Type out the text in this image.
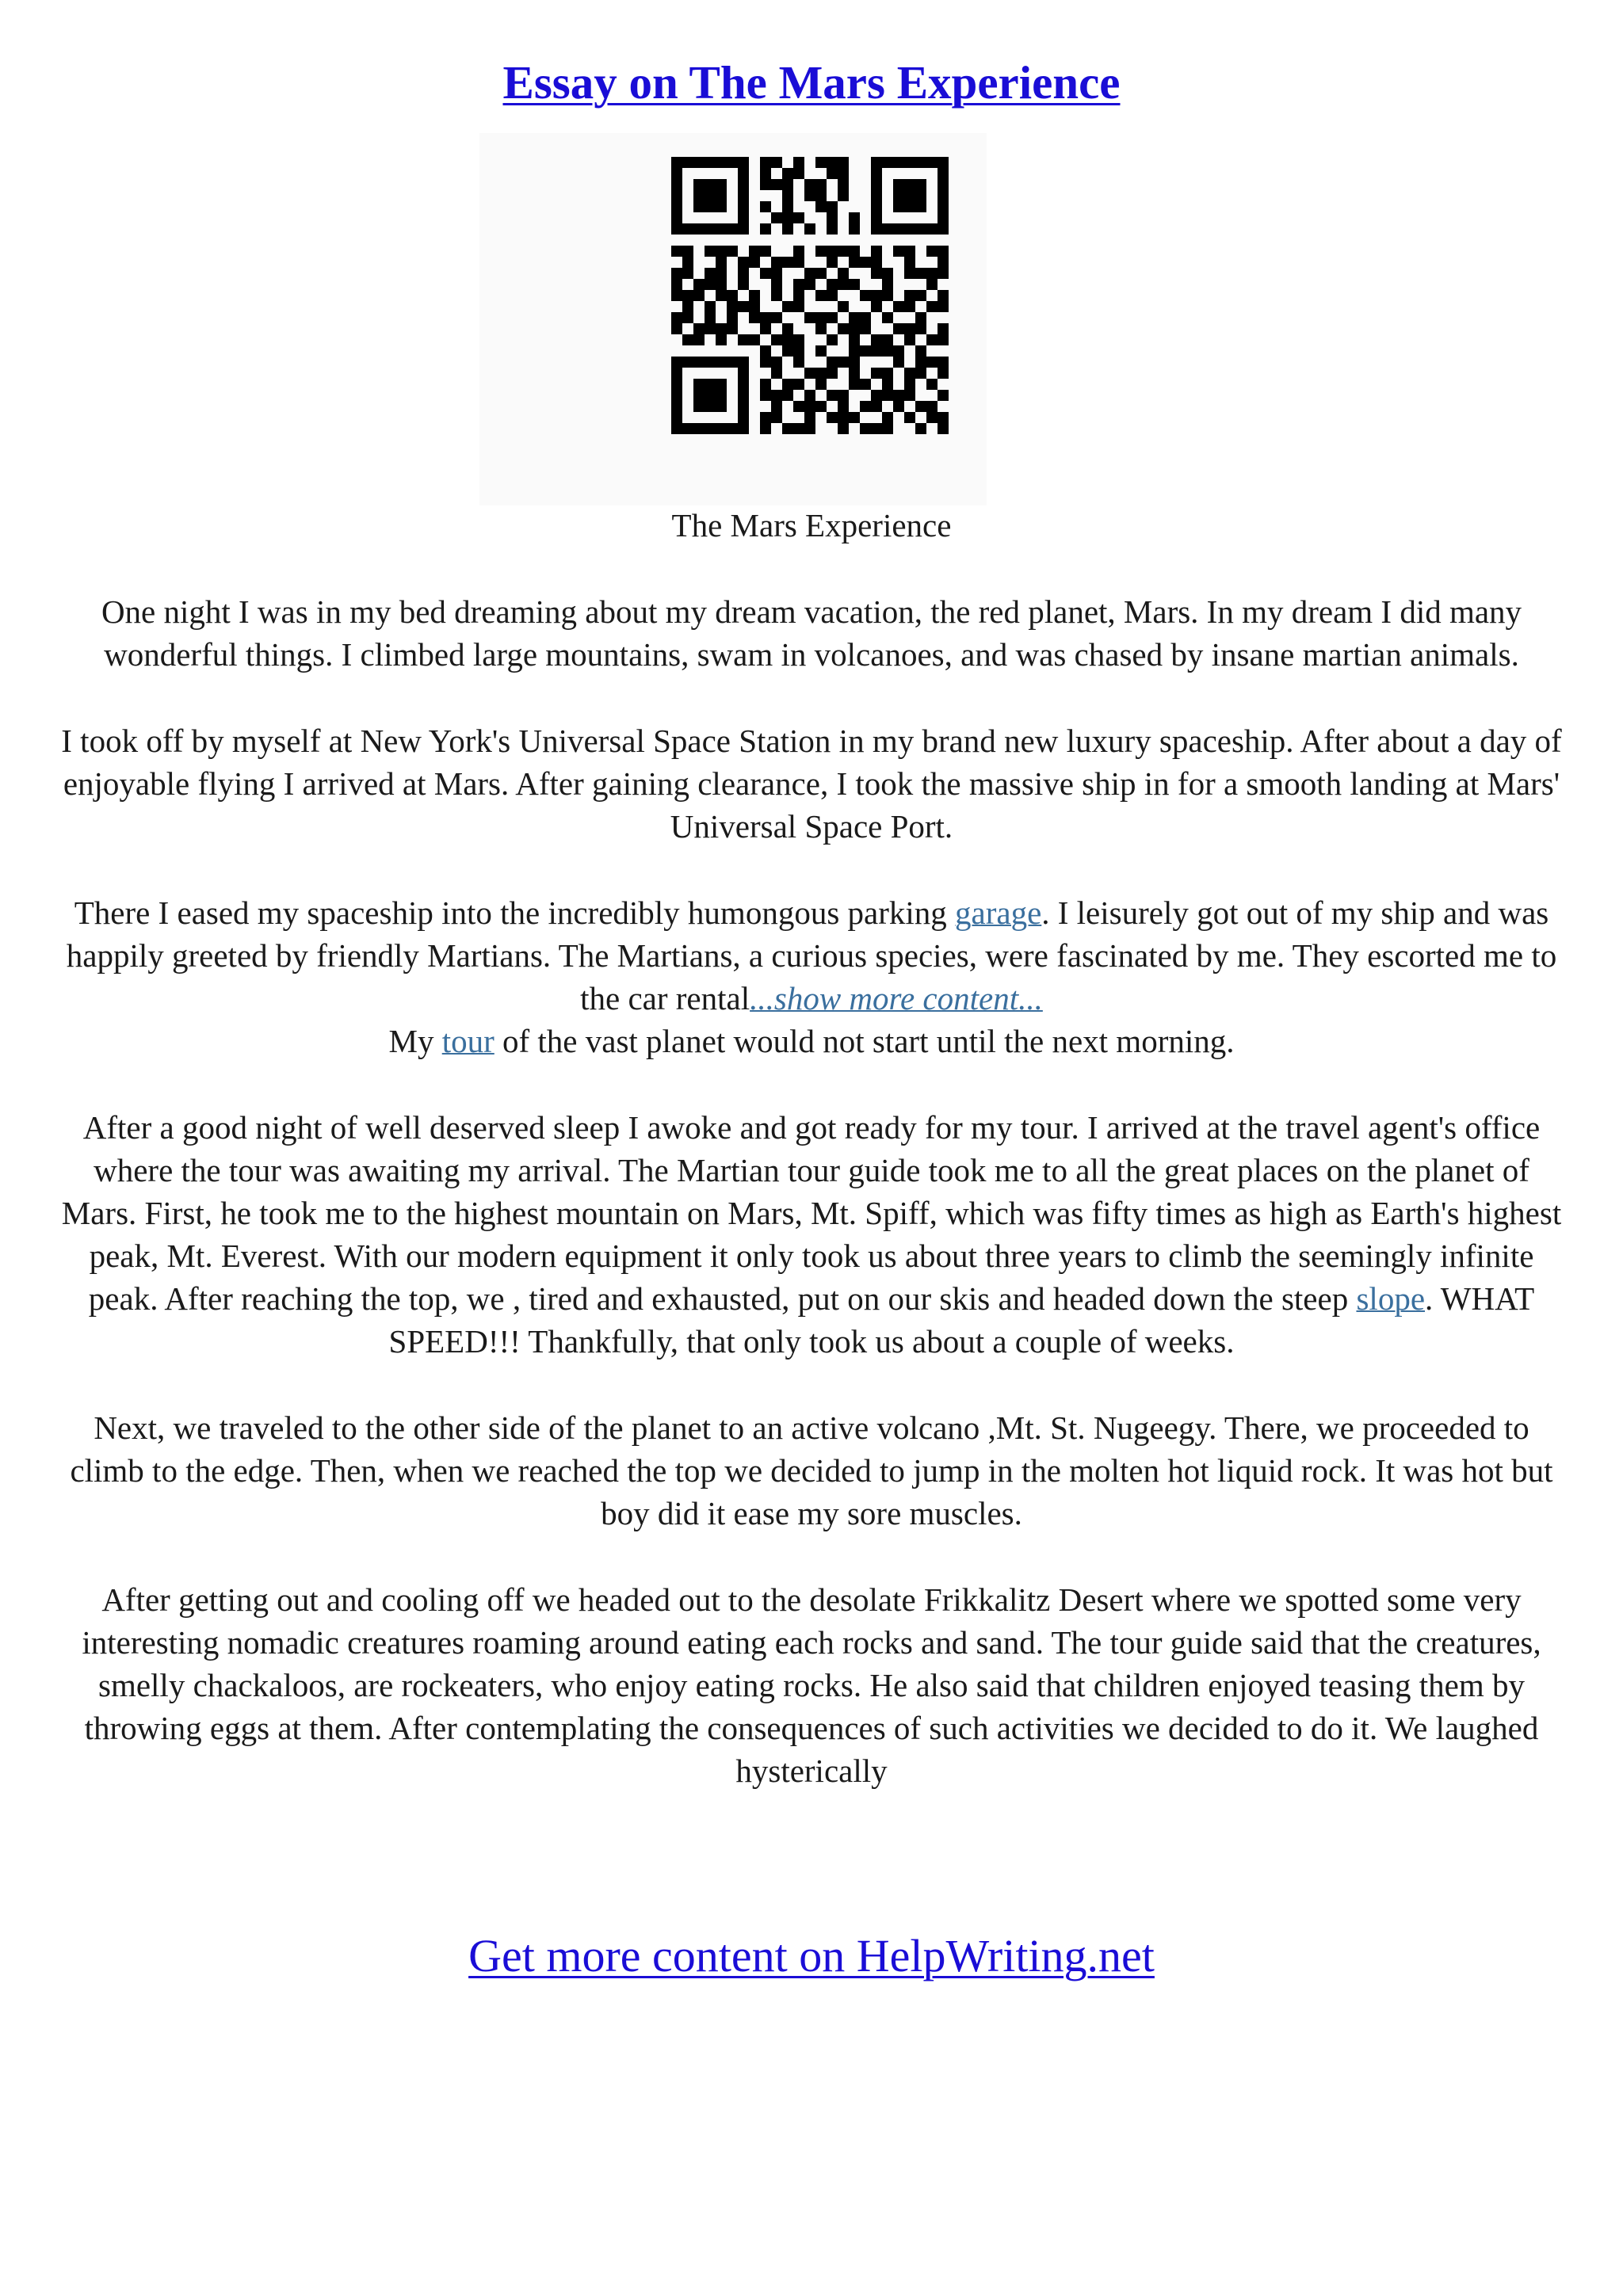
Essay on The Mars Experience

The Mars Experience

One night I was in my bed dreaming about my dream vacation, the red planet, Mars. In my dream I did many wonderful things. I climbed large mountains, swam in volcanoes, and was chased by insane martian animals.

I took off by myself at New York's Universal Space Station in my brand new luxury spaceship. After about a day of enjoyable flying I arrived at Mars. After gaining clearance, I took the massive ship in for a smooth landing at Mars' Universal Space Port.

There I eased my spaceship into the incredibly humongous parking garage. I leisurely got out of my ship and was happily greeted by friendly Martians. The Martians, a curious species, were fascinated by me. They escorted me to the car rental...show more content...

My tour of the vast planet would not start until the next morning.

After a good night of well deserved sleep I awoke and got ready for my tour. I arrived at the travel agent's office where the tour was awaiting my arrival. The Martian tour guide took me to all the great places on the planet of Mars. First, he took me to the highest mountain on Mars, Mt. Spiff, which was fifty times as high as Earth's highest peak, Mt. Everest. With our modern equipment it only took us about three years to climb the seemingly infinite peak. After reaching the top, we , tired and exhausted, put on our skis and headed down the steep slope. WHAT SPEED!!! Thankfully, that only took us about a couple of weeks.

Next, we traveled to the other side of the planet to an active volcano ,Mt. St. Nugeegy. There, we proceeded to climb to the edge. Then, when we reached the top we decided to jump in the molten hot liquid rock. It was hot but boy did it ease my sore muscles.

After getting out and cooling off we headed out to the desolate Frikkalitz Desert where we spotted some very interesting nomadic creatures roaming around eating each rocks and sand. The tour guide said that the creatures, smelly chackaloos, are rockeaters, who enjoy eating rocks. He also said that children enjoyed teasing them by throwing eggs at them. After contemplating the consequences of such activities we decided to do it. We laughed hysterically

Get more content on HelpWriting.net
